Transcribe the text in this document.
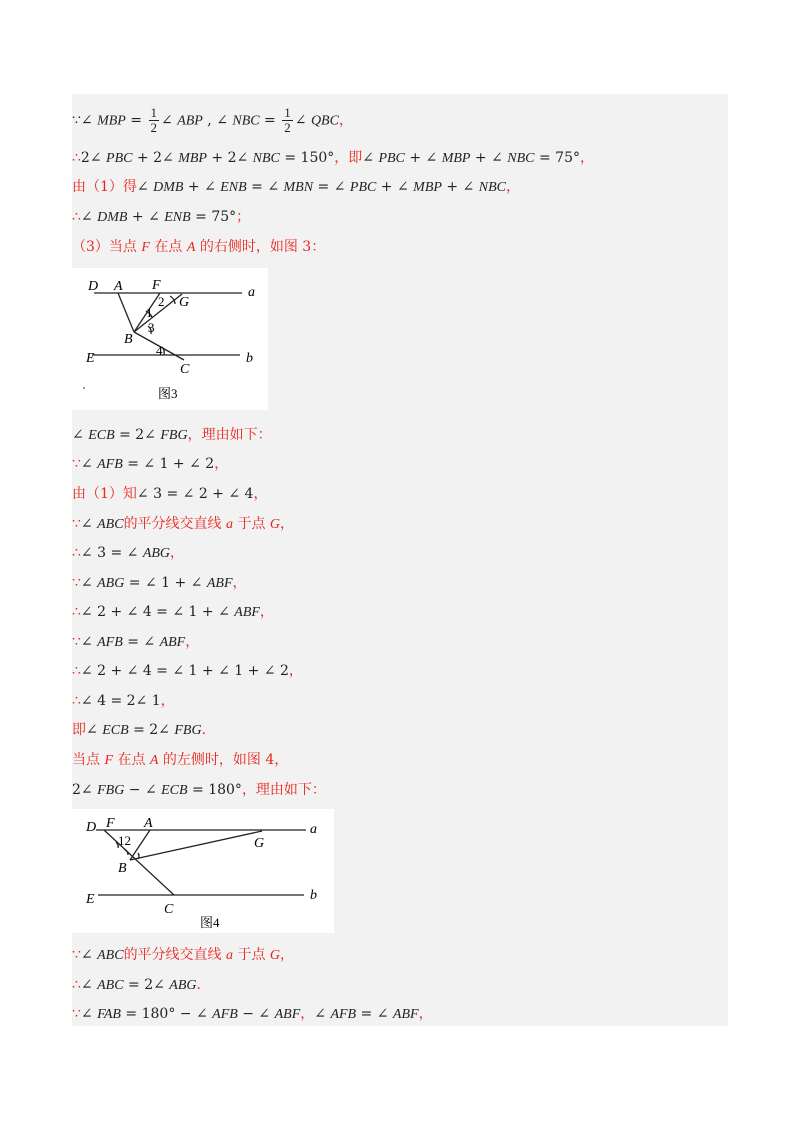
∵∠ MBP = $\frac{1}{2}$ ∠ ABP , ∠ NBC = $\frac{1}{2}$ ∠ QBC，
∴2∠ PBC + 2∠ MBP + 2∠ NBC = 150°，即∠ PBC + ∠ MBP + ∠ NBC = 75°，
由（1）得∠ DMB + ∠ ENB = ∠ MBN = ∠ PBC + ∠ MBP + ∠ NBC，
∴∠ DMB + ∠ ENB = 75°；
（3）当点 F 在点 A 的右侧时，如图 3：
D A F
G
a
2
1
3
B
4
E
C
b
图3
∠ ECB = 2∠ FBG，理由如下：
∵∠ AFB = ∠ 1 + ∠ 2，
由（1）知∠ 3 = ∠ 2 + ∠ 4，
∵∠ ABC的平分线交直线 a 于点 G，
∴∠ 3 = ∠ ABG，
∵∠ ABG = ∠ 1 + ∠ ABF，
∴∠ 2 + ∠ 4 = ∠ 1 + ∠ ABF，
∵∠ AFB = ∠ ABF，
∴∠ 2 + ∠ 4 = ∠ 1 + ∠ 1 + ∠ 2，
∴∠ 4 = 2∠ 1，
即∠ ECB = 2∠ FBG．
当点 F 在点 A 的左侧时，如图 4，
2∠ FBG − ∠ ECB = 180°，理由如下：
D F A
12	G
a
B
E
C
b
图4
∵∠ ABC的平分线交直线 a 于点 G，
∴∠ ABC = 2∠ ABG．
∵∠ FAB = 180° − ∠ AFB − ∠ ABF，∠ AFB = ∠ ABF，
